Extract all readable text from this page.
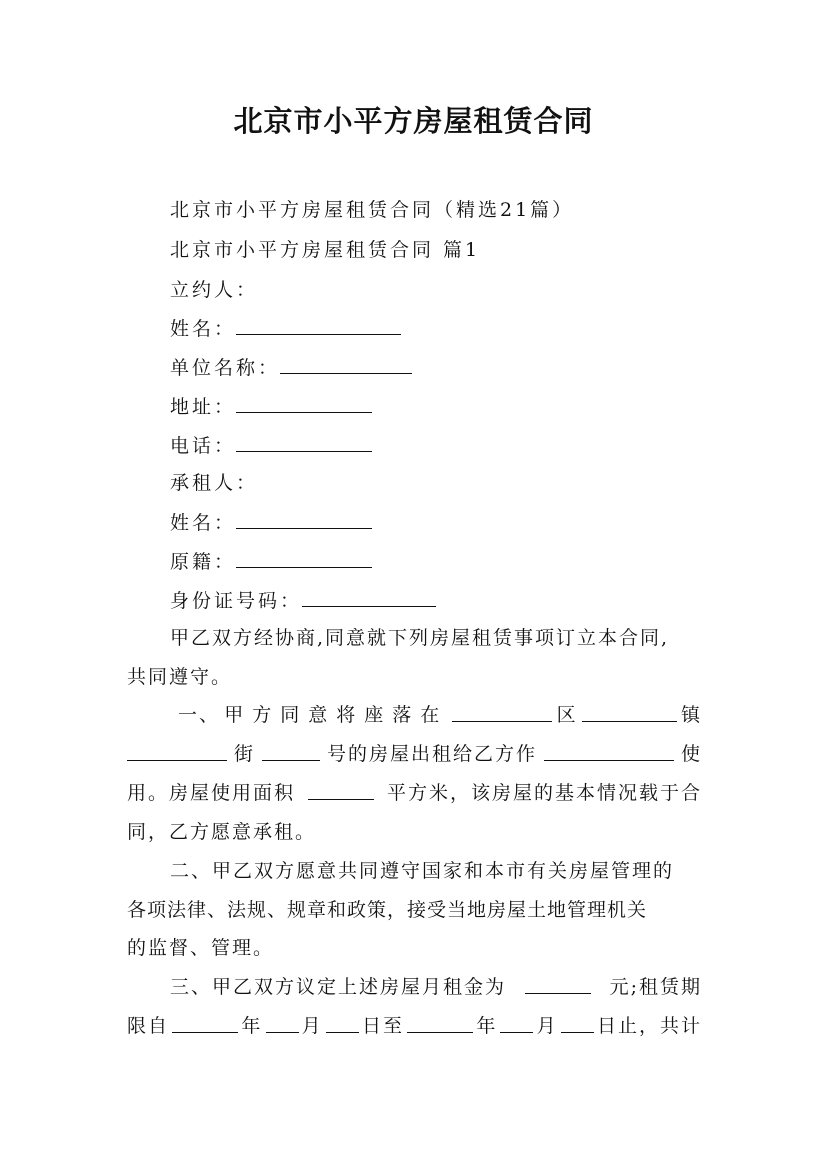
北京市小平方房屋租赁合同
北京市小平方房屋租赁合同（精选21篇）
北京市小平方房屋租赁合同 篇1
立约人：
姓名：
单位名称：
地址：
电话：
承租人：
姓名：
原籍：
身份证号码：
甲乙双方经协商,同意就下列房屋租赁事项订立本合同,
共同遵守。
一、 甲方同意将座落在	区	镇
街	号的房屋出租给乙方作	使
用。房屋使用面积	平方米，该房屋的基本情况载于合
同，乙方愿意承租。
二、甲乙双方愿意共同遵守国家和本市有关房屋管理的
各项法律、法规、规章和政策，接受当地房屋土地管理机关
的监督、管理。
三、甲乙双方议定上述房屋月租金为	元;租赁期
限自	年 月 日至	年 月 日止，共计
